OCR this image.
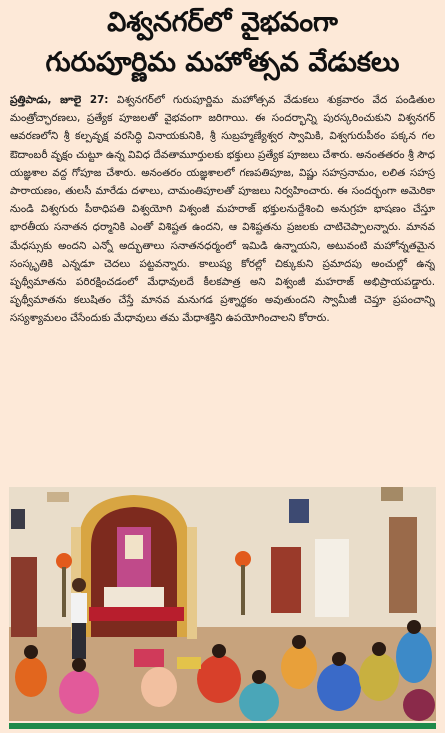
విశ్వనగర్‌లో వైభవంగా
గురుపూర్ణిమ మహోత్సవ వేడుకలు
ప్రత్తిపాడు, జూలై 27: విశ్వనగర్‌లో గురుపూర్ణిమ మహోత్సవ వేడుకలు శుక్రవారం వేద పండితుల మంత్రోచ్ఛారణలు, ప్రత్యేక పూజలతో వైభవంగా జరిగాయి. ఈ సందర్భాన్ని పురస్కరించుకుని విశ్వనగర్ ఆవరణలోని శ్రీ కల్పవృక్ష వరసిద్ధి వినాయకునికి, శ్రీ సుబ్రహ్మణ్యేశ్వర స్వామికి, విశ్వగురుపీఠం పక్కన గల ఔదాంబరీ వృక్షం చుట్టూ ఉన్న వివిధ దేవతామూర్తులకు భక్తులు ప్రత్యేక పూజలు చేశారు. అనంతతరం శ్రీ సౌధ యజ్ఞశాల వద్ద గోపూజ చేశారు. అనంతరం యజ్ఞశాలలో గణపతిపూజ, విష్ణు సహస్రనామం, లలిత సహస్ర పారాయణం, తులసీ మారేడు దళాలు, చామంతిపూలతో పూజలు నిర్వహించారు. ఈ సందర్భంగా అమెరికా నుండి విశ్వగురు పీఠాధిపతి విశ్వయోగి విశ్వంజీ మహరాజ్ భక్తులనుద్దేశించి అనుగ్రహ భాషణం చేస్తూ భారతీయ సనాతన ధర్మానికి ఎంతో విశిష్టత ఉందని, ఆ విశిష్టతను ప్రజలకు చాటిచెప్పాలన్నారు. మానవ మేధస్సుకు అందని ఎన్నో అద్భుతాలు సనాతనధర్మంలో ఇమిడి ఉన్నాయని, అటువంటి మహోన్నతమైన సంస్కృతికి ఎన్నడూ చెదలు పట్టవన్నారు. కాలుష్య కోరల్లో చిక్కుకుని ప్రమాదపు అంచుల్లో ఉన్న పృథ్వీమాతను పరిరక్షించడంలో మేధావులదే కీలకపాత్ర అని విశ్వంజీ మహరాజ్ అభిప్రాయపడ్డారు. పృథ్వీమాతను కలుషితం చేస్తే మానవ మనుగడ ప్రశ్నార్థకం అవుతుందని స్వామీజీ చెప్తూ ప్రపంచాన్ని సస్యశ్యామలం చేసేందుకు మేధావులు తమ మేధాశక్తిని ఉపయోగించాలని కోరారు.
